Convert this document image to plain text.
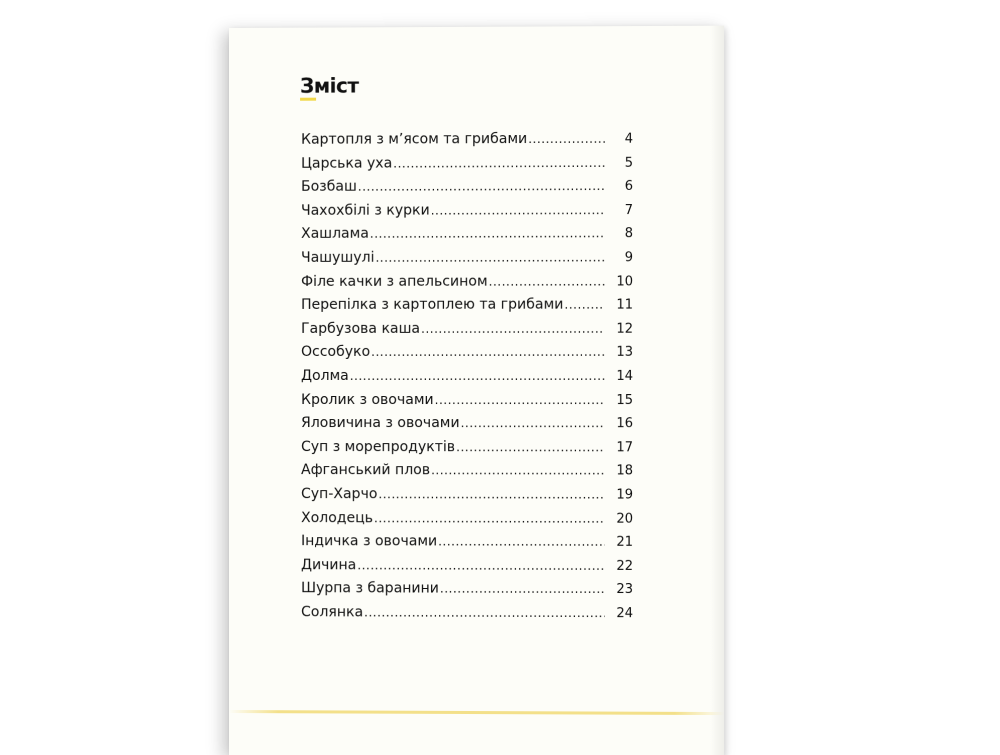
Зміст
Картопля з м’ясом та грибами .....	4
Царська уха .....	5
Бозбаш .....	6
Чахохбілі з курки .....	7
Хашлама .....	8
Чашушулі .....	9
Філе качки з апельсином .....	10
Перепілка з картоплею та грибами .....	11
Гарбузова каша .....	12
Оссобуко .....	13
Долма .....	14
Кролик з овочами .....	15
Яловичина з овочами .....	16
Суп з морепродуктів .....	17
Афганський плов .....	18
Суп-Харчо .....	19
Холодець .....	20
Індичка з овочами .....	21
Дичина .....	22
Шурпа з баранини .....	23
Солянка .....	24
